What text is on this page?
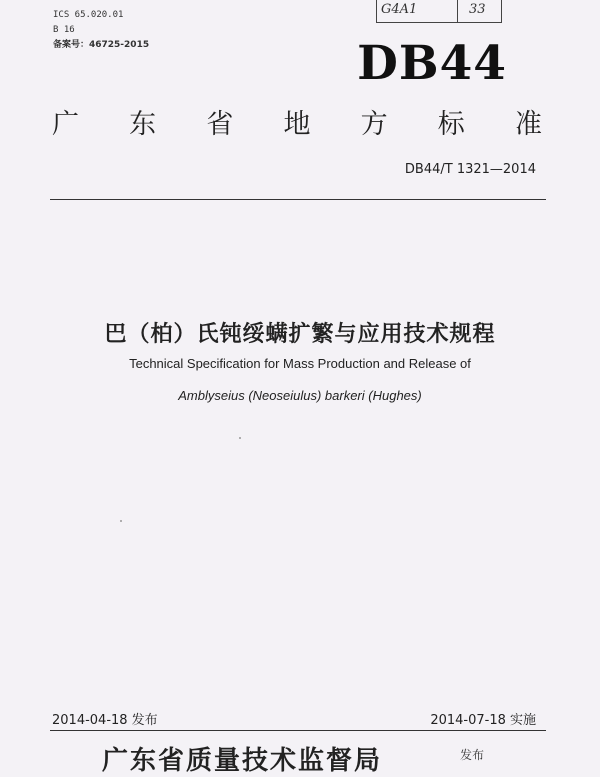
ICS 65.020.01
B 16
备案号：46725-2015
G4A1	33
DB44
广 东 省 地 方 标 准
DB44/T 1321—2014
巴（柏）氏钝绥螨扩繁与应用技术规程
Technical Specification for Mass Production and Release of
Amblyseius (Neoseiulus) barkeri (Hughes)
2014-04-18 发布	2014-07-18 实施
广东省质量技术监督局	发布
